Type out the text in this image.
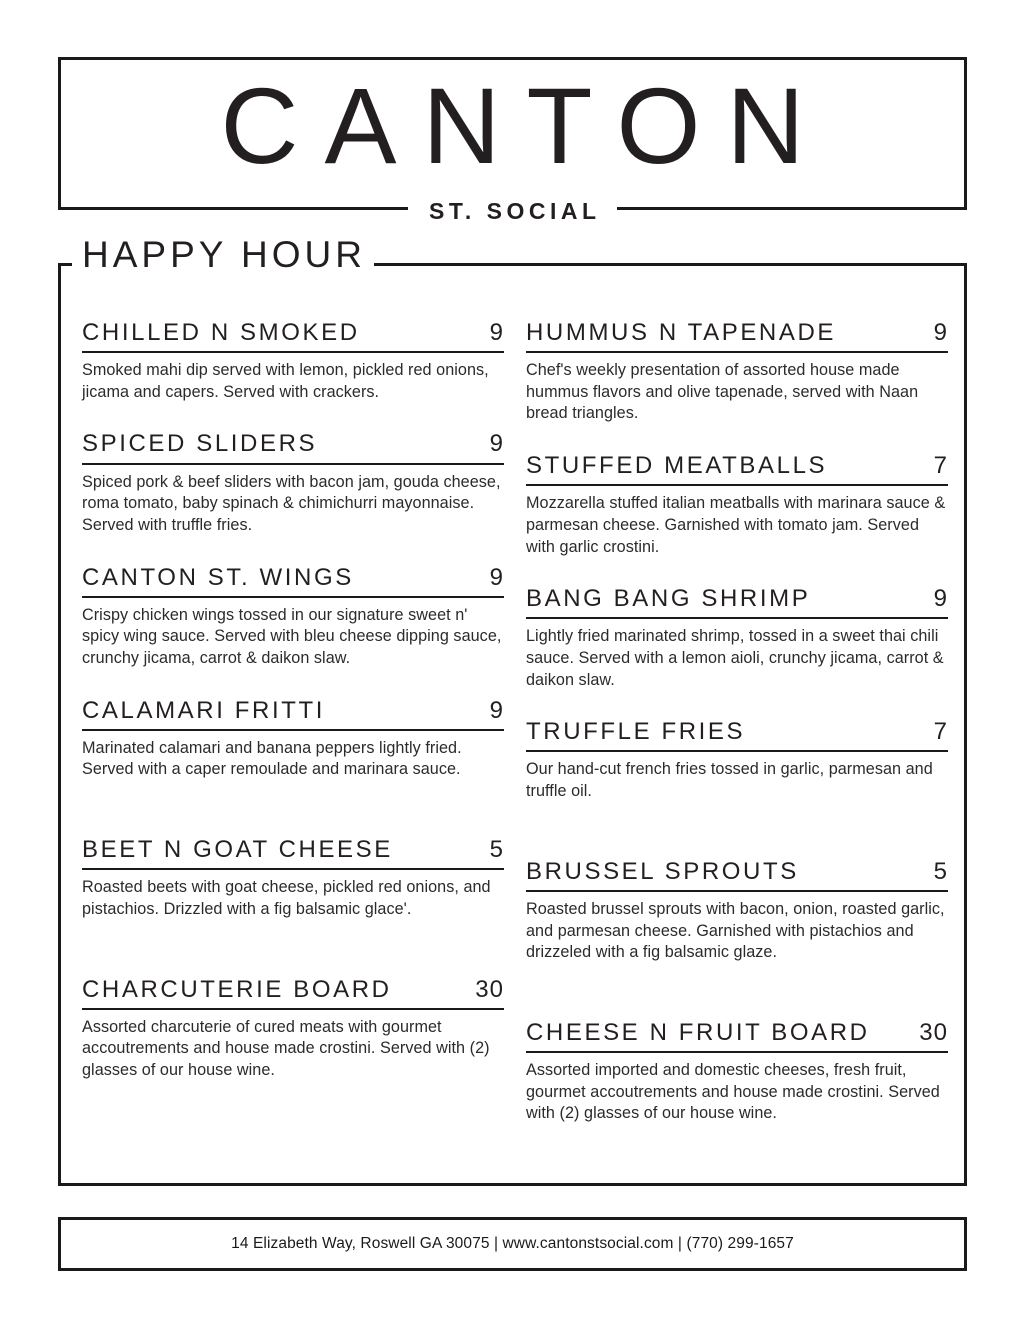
CANTON
ST. SOCIAL
HAPPY HOUR
CHILLED N SMOKED	9
Smoked mahi dip served with lemon, pickled red onions, jicama and capers. Served with crackers.
SPICED SLIDERS	9
Spiced pork & beef sliders with bacon jam, gouda cheese, roma tomato, baby spinach & chimichurri mayonnaise. Served with truffle fries.
CANTON ST. WINGS	9
Crispy chicken wings tossed in our signature sweet n' spicy wing sauce. Served with bleu cheese dipping sauce, crunchy jicama, carrot & daikon slaw.
CALAMARI FRITTI	9
Marinated calamari and banana peppers lightly fried. Served with a caper remoulade and marinara sauce.
BEET N GOAT CHEESE	5
Roasted beets with goat cheese, pickled red onions, and pistachios. Drizzled with a fig balsamic glace'.
CHARCUTERIE BOARD	30
Assorted charcuterie of cured meats with gourmet accoutrements and house made crostini. Served with (2) glasses of our house wine.
HUMMUS N TAPENADE	9
Chef's weekly presentation of assorted house made hummus flavors and olive tapenade, served with Naan bread triangles.
STUFFED MEATBALLS	7
Mozzarella stuffed italian meatballs with marinara sauce & parmesan cheese. Garnished with tomato jam. Served with garlic crostini.
BANG BANG SHRIMP	9
Lightly fried marinated shrimp, tossed in a sweet thai chili sauce. Served with a lemon aioli, crunchy jicama, carrot & daikon slaw.
TRUFFLE FRIES	7
Our hand-cut french fries tossed in garlic, parmesan and truffle oil.
BRUSSEL SPROUTS	5
Roasted brussel sprouts with bacon, onion, roasted garlic, and parmesan cheese. Garnished with pistachios and drizzeled with a fig balsamic glaze.
CHEESE N FRUIT BOARD	30
Assorted imported and domestic cheeses, fresh fruit, gourmet accoutrements and house made crostini. Served with (2) glasses of our house wine.
14 Elizabeth Way, Roswell GA 30075 | www.cantonstsocial.com | (770) 299-1657
